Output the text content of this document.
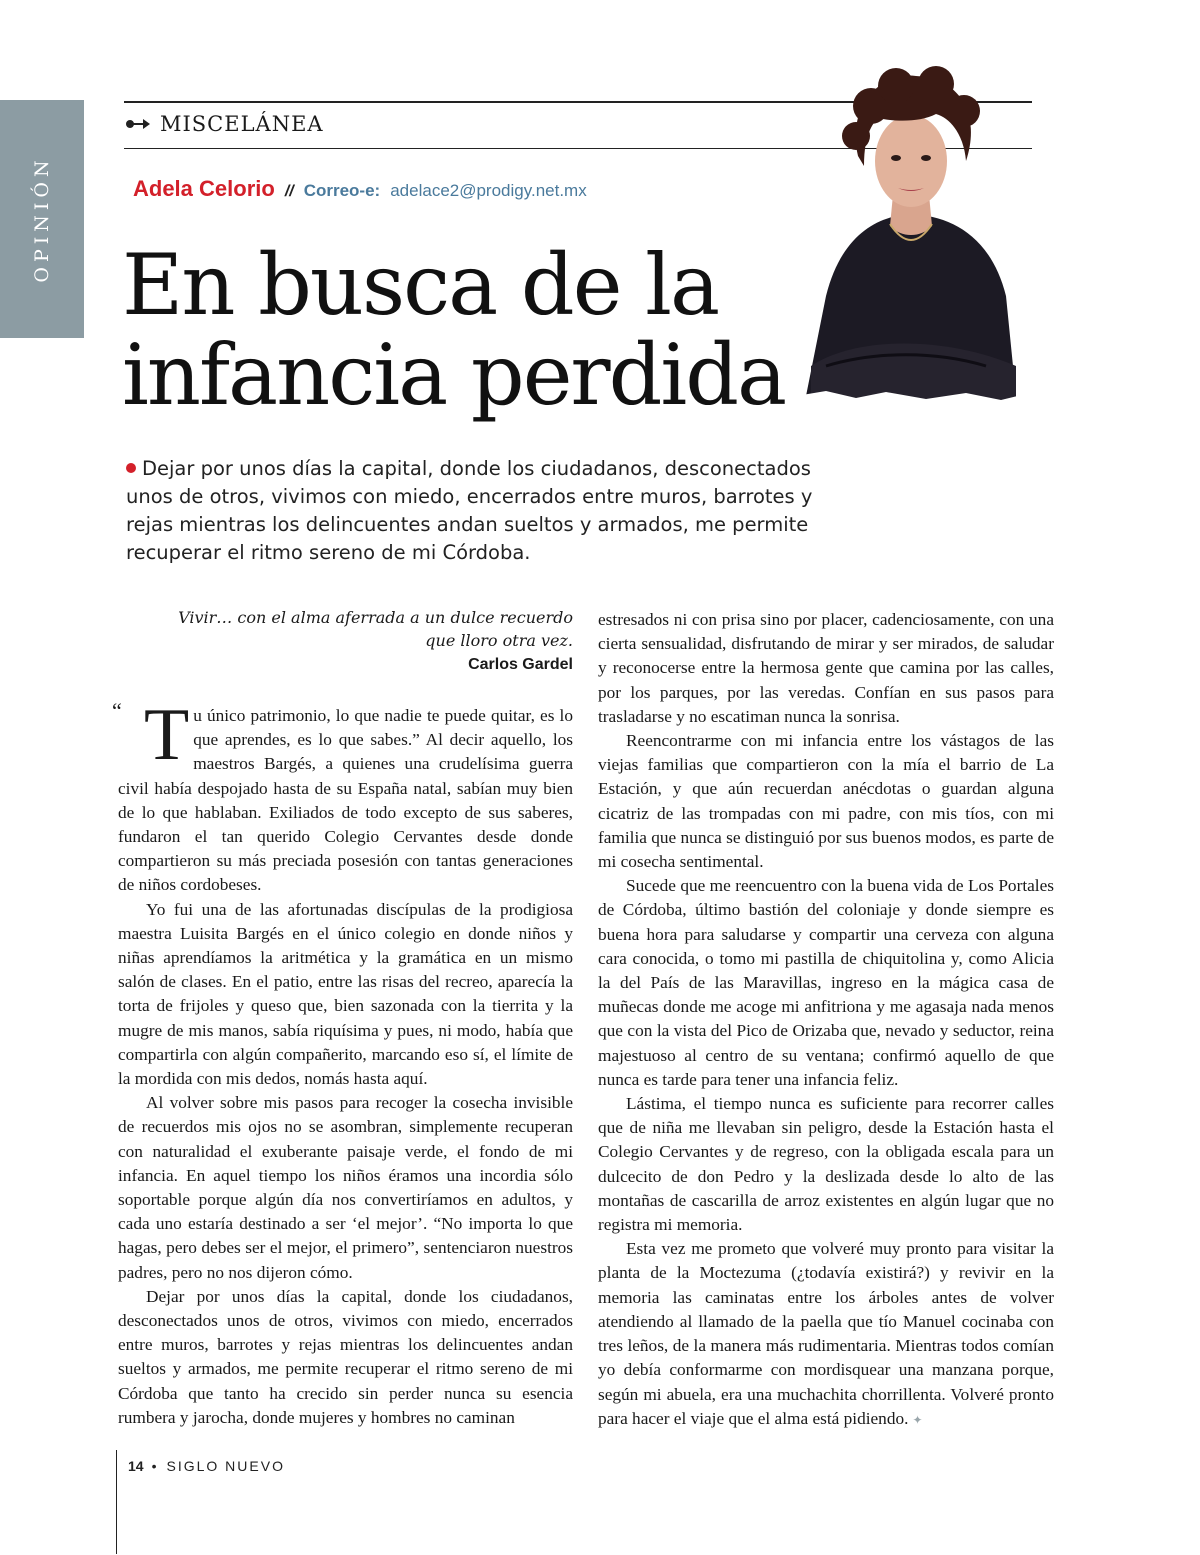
OPINIÓN
MISCELÁNEA
Adela Celorio // Correo-e: adelace2@prodigy.net.mx
En busca de la
infancia perdida

Dejar por unos días la capital, donde los ciudadanos, desconectados unos de otros, vivimos con miedo, encerrados entre muros, barrotes y rejas mientras los delincuentes andan sueltos y armados, me permite recuperar el ritmo sereno de mi Córdoba.

Vivir… con el alma aferrada a un dulce recuerdo
que lloro otra vez.
Carlos Gardel
“ Tu único patrimonio, lo que nadie te puede quitar, es lo que aprendes, es lo que sabes.” Al decir aquello, los maestros Bargés, a quienes una crudelísima guerra civil había despojado hasta de su España natal, sabían muy bien de lo que hablaban. Exiliados de todo excepto de sus saberes, fundaron el tan querido Colegio Cervantes desde donde compartieron su más preciada posesión con tantas generaciones de niños cordobeses.

Yo fui una de las afortunadas discípulas de la prodigiosa maestra Luisita Bargés en el único colegio en donde niños y niñas aprendíamos la aritmética y la gramática en un mismo salón de clases. En el patio, entre las risas del recreo, aparecía la torta de frijoles y queso que, bien sazonada con la tierrita y la mugre de mis manos, sabía riquísima y pues, ni modo, había que compartirla con algún compañerito, marcando eso sí, el límite de la mordida con mis dedos, nomás hasta aquí.

Al volver sobre mis pasos para recoger la cosecha invisible de recuerdos mis ojos no se asombran, simplemente recuperan con naturalidad el exuberante paisaje verde, el fondo de mi infancia. En aquel tiempo los niños éramos una incordia sólo soportable porque algún día nos convertiríamos en adultos, y cada uno estaría destinado a ser ‘el mejor’. “No importa lo que hagas, pero debes ser el mejor, el primero”, sentenciaron nuestros padres, pero no nos dijeron cómo.

Dejar por unos días la capital, donde los ciudadanos, desconectados unos de otros, vivimos con miedo, encerrados entre muros, barrotes y rejas mientras los delincuentes andan sueltos y armados, me permite recuperar el ritmo sereno de mi Córdoba que tanto ha crecido sin perder nunca su esencia rumbera y jarocha, donde mujeres y hombres no caminan

estresados ni con prisa sino por placer, cadenciosamente, con una cierta sensualidad, disfrutando de mirar y ser mirados, de saludar y reconocerse entre la hermosa gente que camina por las calles, por los parques, por las veredas. Confían en sus pasos para trasladarse y no escatiman nunca la sonrisa.

Reencontrarme con mi infancia entre los vástagos de las viejas familias que compartieron con la mía el barrio de La Estación, y que aún recuerdan anécdotas o guardan alguna cicatriz de las trompadas con mi padre, con mis tíos, con mi familia que nunca se distinguió por sus buenos modos, es parte de mi cosecha sentimental.

Sucede que me reencuentro con la buena vida de Los Portales de Córdoba, último bastión del coloniaje y donde siempre es buena hora para saludarse y compartir una cerveza con alguna cara conocida, o tomo mi pastilla de chiquitolina y, como Alicia la del País de las Maravillas, ingreso en la mágica casa de muñecas donde me acoge mi anfitriona y me agasaja nada menos que con la vista del Pico de Orizaba que, nevado y seductor, reina majestuoso al centro de su ventana; confirmó aquello de que nunca es tarde para tener una infancia feliz.

Lástima, el tiempo nunca es suficiente para recorrer calles que de niña me llevaban sin peligro, desde la Estación hasta el Colegio Cervantes y de regreso, con la obligada escala para un dulcecito de don Pedro y la deslizada desde lo alto de las montañas de cascarilla de arroz existentes en algún lugar que no registra mi memoria.

Esta vez me prometo que volveré muy pronto para visitar la planta de la Moctezuma (¿todavía existirá?) y revivir en la memoria las caminatas entre los árboles antes de volver atendiendo al llamado de la paella que tío Manuel cocinaba con tres leños, de la manera más rudimentaria. Mientras todos comían yo debía conformarme con mordisquear una manzana porque, según mi abuela, era una muchachita chorrillenta. Volveré pronto para hacer el viaje que el alma está pidiendo. ✦

14 • SIGLO NUEVO
